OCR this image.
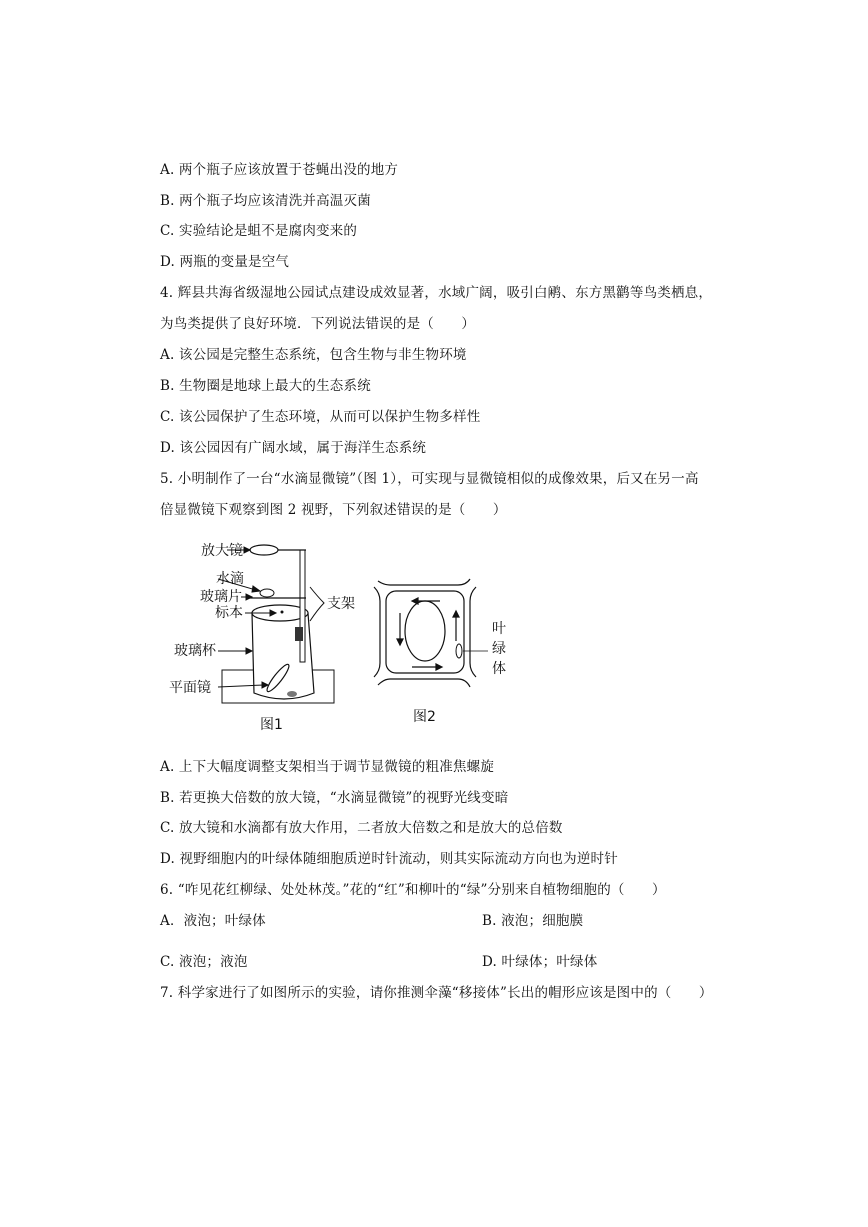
A. 两个瓶子应该放置于苍蝇出没的地方
B. 两个瓶子均应该清洗并高温灭菌
C. 实验结论是蛆不是腐肉变来的
D. 两瓶的变量是空气
4. 辉县共海省级湿地公园试点建设成效显著，水域广阔，吸引白鹇、东方黑鹳等鸟类栖息，
为鸟类提供了良好环境．下列说法错误的是（　　）
A. 该公园是完整生态系统，包含生物与非生物环境
B. 生物圈是地球上最大的生态系统
C. 该公园保护了生态环境，从而可以保护生物多样性
D. 该公园因有广阔水域，属于海洋生态系统
5. 小明制作了一台“水滴显微镜”（图 1），可实现与显微镜相似的成像效果，后又在另一高
倍显微镜下观察到图 2 视野，下列叙述错误的是（　　）
放大镜
水滴
玻璃片
标本
支架
玻璃杯
平面镜
图1
叶
绿
体
图2
A. 上下大幅度调整支架相当于调节显微镜的粗准焦螺旋
B. 若更换大倍数的放大镜，“水滴显微镜”的视野光线变暗
C. 放大镜和水滴都有放大作用，二者放大倍数之和是放大的总倍数
D. 视野细胞内的叶绿体随细胞质逆时针流动，则其实际流动方向也为逆时针
6. “咋见花红柳绿、处处林茂。”花的“红”和柳叶的“绿”分别来自植物细胞的（　　）
A．液泡；叶绿体	B. 液泡；细胞膜
C. 液泡；液泡	D. 叶绿体；叶绿体
7. 科学家进行了如图所示的实验，请你推测伞藻“移接体”长出的帽形应该是图中的（　　）
